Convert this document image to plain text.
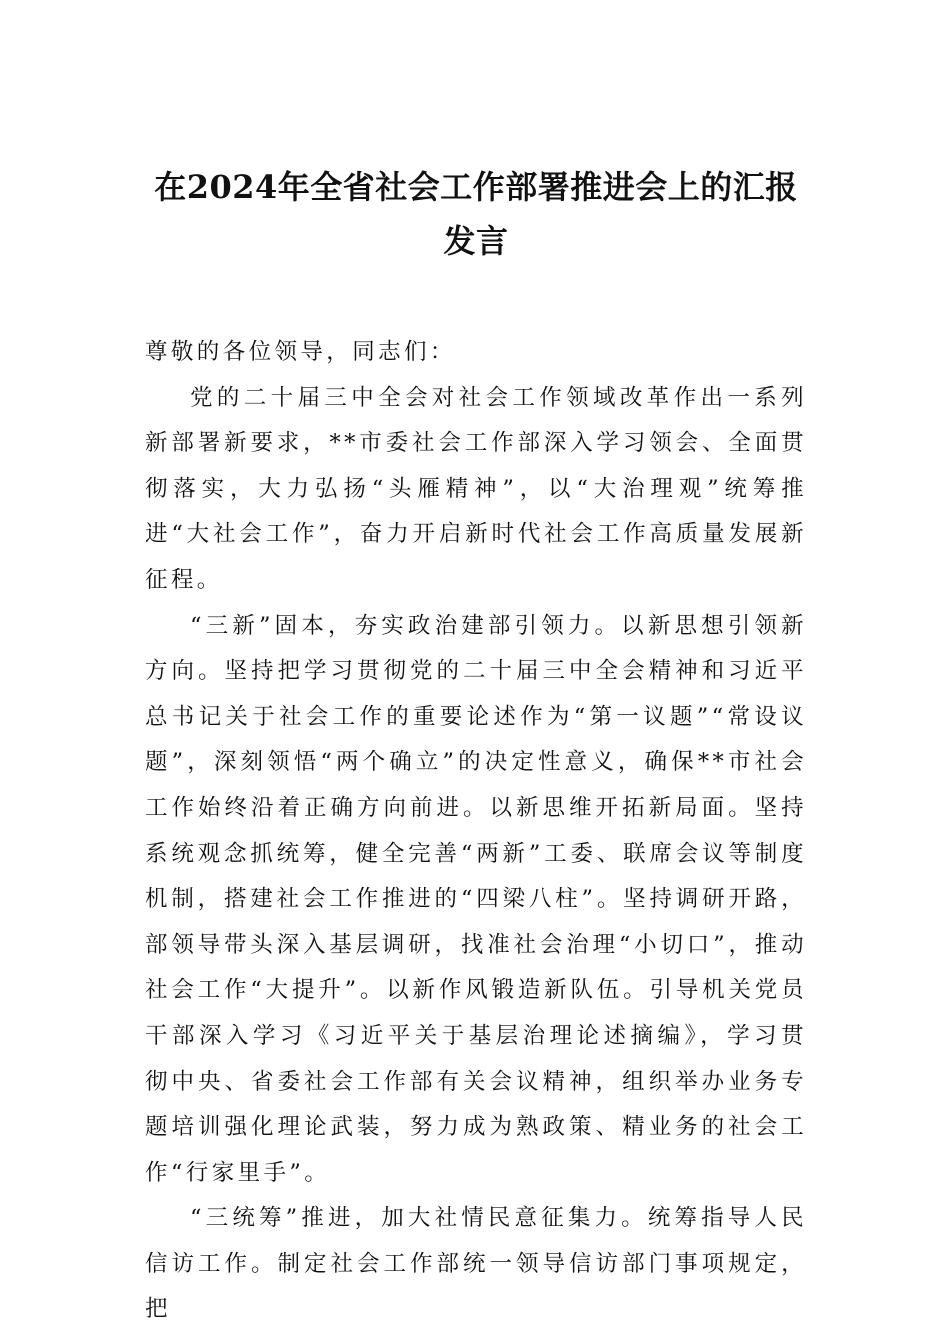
在2024年全省社会工作部署推进会上的汇报发言

尊敬的各位领导，同志们：

党的二十届三中全会对社会工作领域改革作出一系列新部署新要求，**市委社会工作部深入学习领会、全面贯彻落实，大力弘扬“头雁精神”，以“大治理观”统筹推进“大社会工作”，奋力开启新时代社会工作高质量发展新征程。

“三新”固本，夯实政治建部引领力。以新思想引领新方向。坚持把学习贯彻党的二十届三中全会精神和习近平总书记关于社会工作的重要论述作为“第一议题”“常设议题”，深刻领悟“两个确立”的决定性意义，确保**市社会工作始终沿着正确方向前进。以新思维开拓新局面。坚持系统观念抓统筹，健全完善“两新”工委、联席会议等制度机制，搭建社会工作推进的“四梁八柱”。坚持调研开路，部领导带头深入基层调研，找准社会治理“小切口”，推动社会工作“大提升”。以新作风锻造新队伍。引导机关党员干部深入学习《习近平关于基层治理论述摘编》，学习贯彻中央、省委社会工作部有关会议精神，组织举办业务专题培训强化理论武装，努力成为熟政策、精业务的社会工作“行家里手”。

“三统筹”推进，加大社情民意征集力。统筹指导人民信访工作。制定社会工作部统一领导信访部门事项规定，把
